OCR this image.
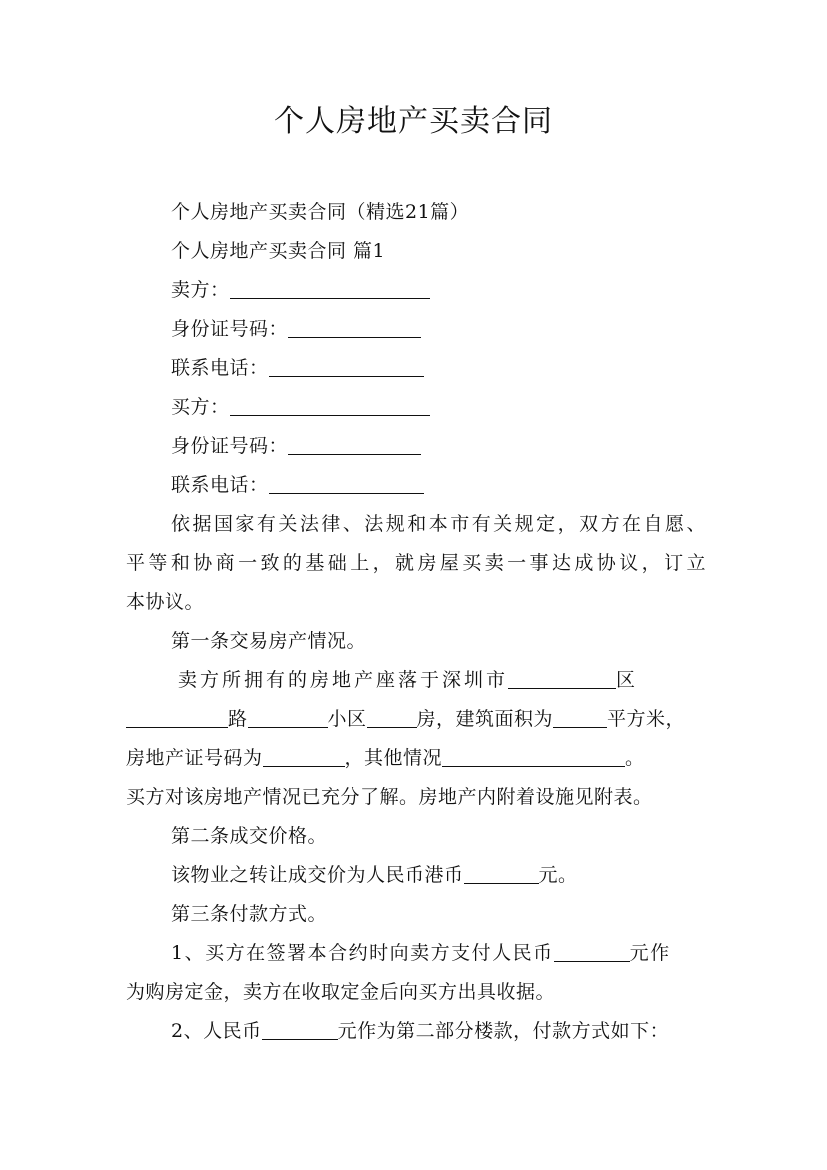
个人房地产买卖合同
个人房地产买卖合同（精选21篇）
个人房地产买卖合同 篇1
卖方：
身份证号码：
联系电话：
买方：
身份证号码：
联系电话：
依据国家有关法律、法规和本市有关规定，双方在自愿、
平等和协商一致的基础上，就房屋买卖一事达成协议，订立
本协议。
第一条交易房产情况。
卖方所拥有的房地产座落于深圳市	区
路	小区	房，建筑面积为	平方米，
房地产证号码为	，其他情况	。
买方对该房地产情况已充分了解。房地产内附着设施见附表。
第二条成交价格。
该物业之转让成交价为人民币港币	元。
第三条付款方式。
1、买方在签署本合约时向卖方支付人民币	元作
为购房定金，卖方在收取定金后向买方出具收据。
2、人民币	元作为第二部分楼款，付款方式如下：
